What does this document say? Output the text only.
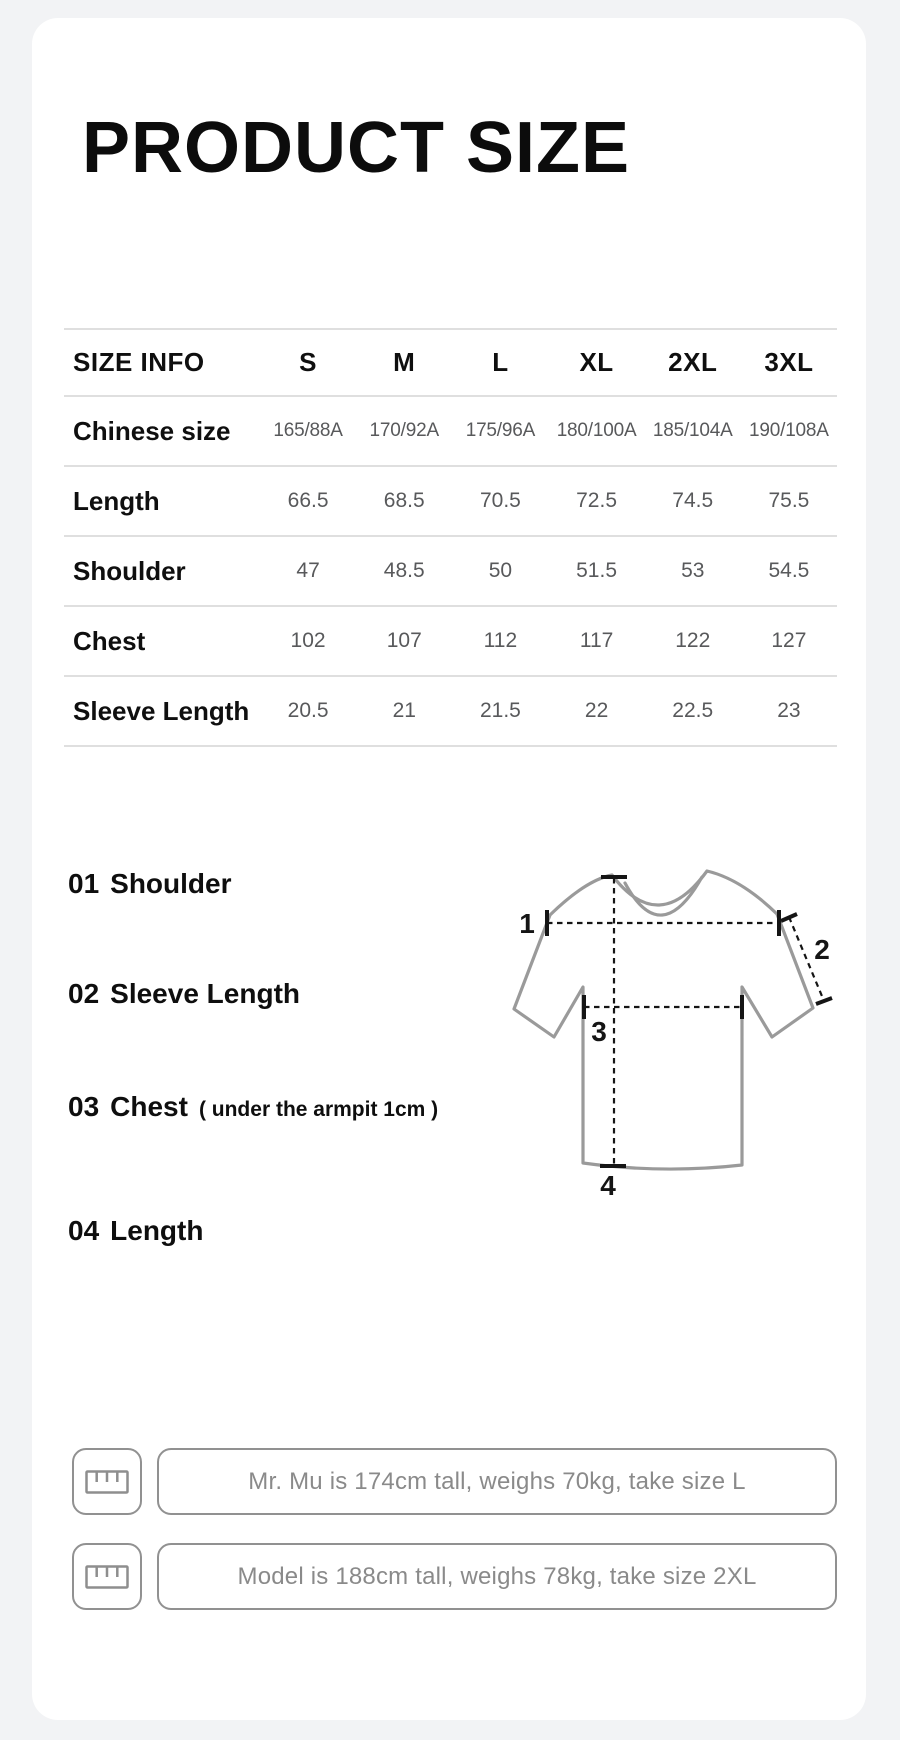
PRODUCT SIZE
SIZE INFO	S	M	L	XL	2XL	3XL
Chinese size	165/88A	170/92A	175/96A	180/100A 185/104A 190/108A
Length	66.5	68.5	70.5	72.5	74.5	75.5
Shoulder	47	48.5	50	51.5	53	54.5
Chest	102	107	112	117	122	127
Sleeve Length	20.5	21	21.5	22	22.5	23
01 Shoulder
02 Sleeve Length
03 Chest ( under the armpit 1cm )
04 Length
1
2
3
4
Mr. Mu is 174cm tall, weighs 70kg, take size L
Model is 188cm tall, weighs 78kg, take size 2XL
